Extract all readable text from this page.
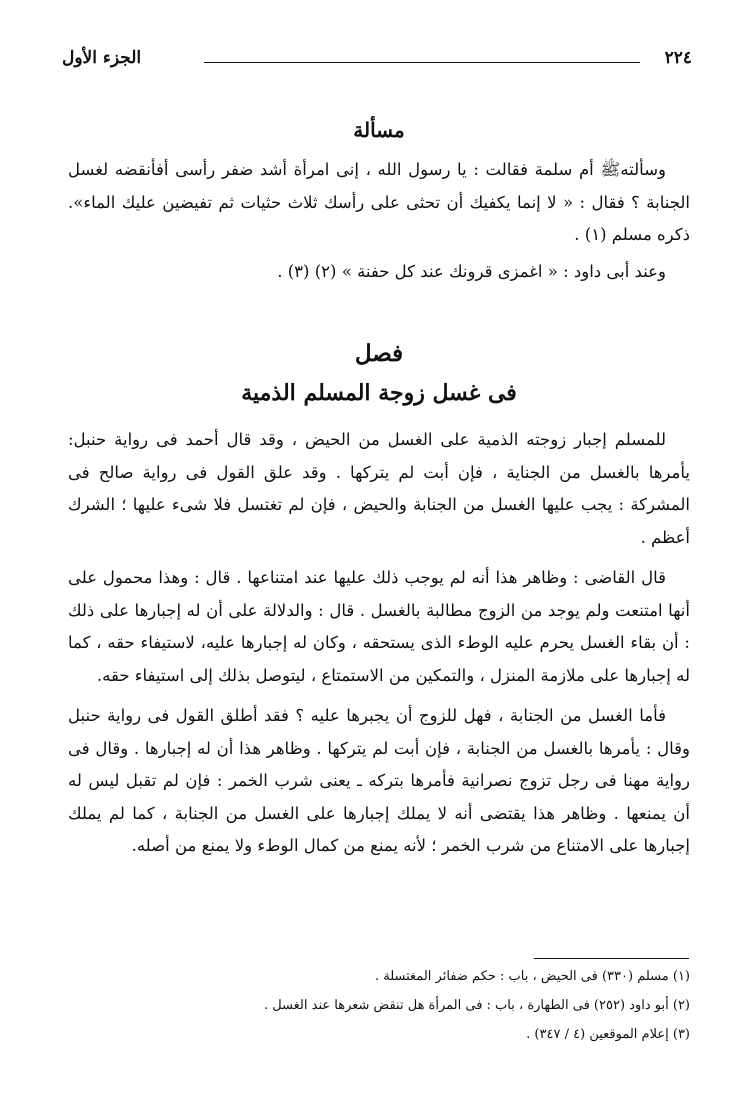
٢٢٤
الجزء الأول
مسألة

وسألتهﷺ أم سلمة فقالت : يا رسول الله ، إنى امرأة أشد ضفر رأسى أفأنقضه لغسل الجنابة ؟ فقال : « لا إنما يكفيك أن تحثى على رأسك ثلاث حثيات ثم تفيضين عليك الماء». ذكره مسلم (١) .

وعند أبى داود : « اغمزى قرونك عند كل حفنة » (٢) (٣) .

فصل
فى غسل زوجة المسلم الذمية

للمسلم إجبار زوجته الذمية على الغسل من الحيض ، وقد قال أحمد فى رواية حنبل: يأمرها بالغسل من الجناية ، فإن أبت لم يتركها . وقد علق القول فى رواية صالح فى المشركة : يجب عليها الغسل من الجنابة والحيض ، فإن لم تغتسل فلا شىء عليها ؛ الشرك أعظم .

قال القاضى : وظاهر هذا أنه لم يوجب ذلك عليها عند امتناعها . قال : وهذا محمول على أنها امتنعت ولم يوجد من الزوج مطالبة بالغسل . قال : والدلالة على أن له إجبارها على ذلك : أن بقاء الغسل يحرم عليه الوطء الذى يستحقه ، وكان له إجبارها عليه، لاستيفاء حقه ، كما له إجبارها على ملازمة المنزل ، والتمكين من الاستمتاع ، ليتوصل بذلك إلى استيفاء حقه.

فأما الغسل من الجنابة ، فهل للزوج أن يجبرها عليه ؟ فقد أطلق القول فى رواية حنبل وقال : يأمرها بالغسل من الجنابة ، فإن أبت لم يتركها . وظاهر هذا أن له إجبارها . وقال فى رواية مهنا فى رجل تزوج نصرانية فأمرها بتركه ـ يعنى شرب الخمر : فإن لم تقبل ليس له أن يمنعها . وظاهر هذا يقتضى أنه لا يملك إجبارها على الغسل من الجنابة ، كما لم يملك إجبارها على الامتناع من شرب الخمر ؛ لأنه يمنع من كمال الوطء ولا يمنع من أصله.

(١) مسلم (٣٣٠) فى الحيض ، باب : حكم ضفائر المغتسلة .
(٢) أبو داود (٢٥٢) فى الطهارة ، باب : فى المرأة هل تنقض شعرها عند الغسل .
(٣) إعلام الموقعين (٤ / ٣٤٧) .
